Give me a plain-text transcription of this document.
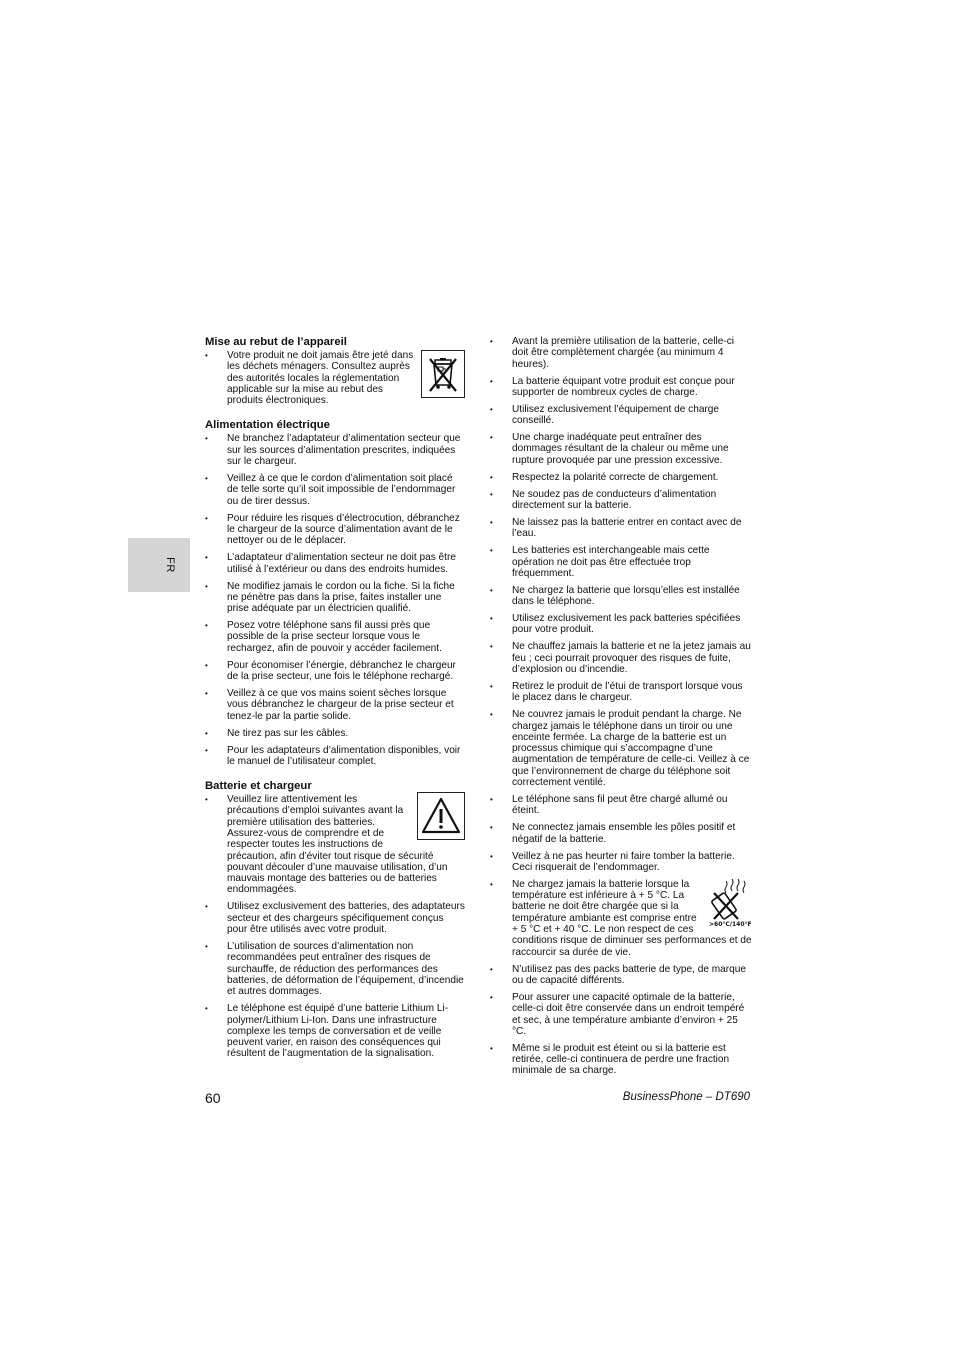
FR
Mise au rebut de l’appareil
• Votre produit ne doit jamais être jeté dans les déchets ménagers. Consultez auprès des autorités locales la réglementation applicable sur la mise au rebut des produits électroniques.
Alimentation électrique
• Ne branchez l’adaptateur d’alimentation secteur que sur les sources d’alimentation prescrites, indiquées sur le chargeur.
• Veillez à ce que le cordon d’alimentation soit placé de telle sorte qu’il soit impossible de l’endommager ou de tirer dessus.
• Pour réduire les risques d’électrocution, débranchez le chargeur de la source d’alimentation avant de le nettoyer ou de le déplacer.
• L’adaptateur d’alimentation secteur ne doit pas être utilisé à l’extérieur ou dans des endroits humides.
• Ne modifiez jamais le cordon ou la fiche. Si la fiche ne pénètre pas dans la prise, faites installer une prise adéquate par un électricien qualifié.
• Posez votre téléphone sans fil aussi près que possible de la prise secteur lorsque vous le rechargez, afin de pouvoir y accéder facilement.
• Pour économiser l’énergie, débranchez le chargeur de la prise secteur, une fois le téléphone rechargé.
• Veillez à ce que vos mains soient sèches lorsque vous débranchez le chargeur de la prise secteur et tenez-le par la partie solide.
• Ne tirez pas sur les câbles.
• Pour les adaptateurs d’alimentation disponibles, voir le manuel de l’utilisateur complet.
Batterie et chargeur
• Veuillez lire attentivement les précautions d’emploi suivantes avant la première utilisation des batteries. Assurez-vous de comprendre et de respecter toutes les instructions de précaution, afin d’éviter tout risque de sécurité pouvant découler d’une mauvaise utilisation, d’un mauvais montage des batteries ou de batteries endommagées.
• Utilisez exclusivement des batteries, des adaptateurs secteur et des chargeurs spécifiquement conçus pour être utilisés avec votre produit.
• L’utilisation de sources d’alimentation non recommandées peut entraîner des risques de surchauffe, de réduction des performances des batteries, de déformation de l’équipement, d’incendie et autres dommages.
• Le téléphone est équipé d’une batterie Lithium Li-polymer/Lithium Li-Ion. Dans une infrastructure complexe les temps de conversation et de veille peuvent varier, en raison des conséquences qui résultent de l’augmentation de la signalisation.
• Avant la première utilisation de la batterie, celle-ci doit être complètement chargée (au minimum 4 heures).
• La batterie équipant votre produit est conçue pour supporter de nombreux cycles de charge.
• Utilisez exclusivement l’équipement de charge conseillé.
• Une charge inadéquate peut entraîner des dommages résultant de la chaleur ou même une rupture provoquée par une pression excessive.
• Respectez la polarité correcte de chargement.
• Ne soudez pas de conducteurs d’alimentation directement sur la batterie.
• Ne laissez pas la batterie entrer en contact avec de l’eau.
• Les batteries est interchangeable mais cette opération ne doit pas être effectuée trop fréquemment.
• Ne chargez la batterie que lorsqu’elles est installée dans le téléphone.
• Utilisez exclusivement les pack batteries spécifiées pour votre produit.
• Ne chauffez jamais la batterie et ne la jetez jamais au feu ; ceci pourrait provoquer des risques de fuite, d’explosion ou d’incendie.
• Retirez le produit de l’étui de transport lorsque vous le placez dans le chargeur.
• Ne couvrez jamais le produit pendant la charge. Ne chargez jamais le téléphone dans un tiroir ou une enceinte fermée. La charge de la batterie est un processus chimique qui s’accompagne d’une augmentation de température de celle-ci. Veillez à ce que l’environnement de charge du téléphone soit correctement ventilé.
• Le téléphone sans fil peut être chargé allumé ou éteint.
• Ne connectez jamais ensemble les pôles positif et négatif de la batterie.
• Veillez à ne pas heurter ni faire tomber la batterie. Ceci risquerait de l’endommager.
• >60°C/140°F
Ne chargez jamais la batterie lorsque la température est inférieure à + 5 °C. La batterie ne doit être chargée que si la température ambiante est comprise entre + 5 °C et + 40 °C. Le non respect de ces conditions risque de diminuer ses performances et de raccourcir sa durée de vie.
• N’utilisez pas des packs batterie de type, de marque ou de capacité différents.
• Pour assurer une capacité optimale de la batterie, celle-ci doit être conservée dans un endroit tempéré et sec, à une température ambiante d’environ + 25 °C.
• Même si le produit est éteint ou si la batterie est retirée, celle-ci continuera de perdre une fraction minimale de sa charge.
60	BusinessPhone – DT690
